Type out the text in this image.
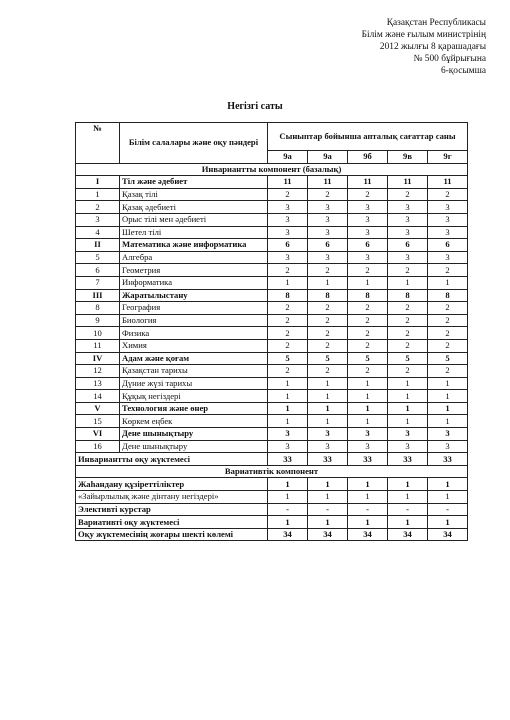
Қазақстан Республикасы
Білім және ғылым министрінің
2012 жылғы 8 қарашадағы
№ 500 бұйрығына
6-қосымша
Негізгі саты
№	Білім салалары және оқу пәндері	Сыныптар бойынша апталық сағаттар саны				
		9а	9а	9б	9в	9г
Инвариантты компонент (базалық)						
I	Тіл және әдебиет	11	11	11	11	11
1	Қазақ тілі	2	2	2	2	2
2	Қазақ әдебиеті	3	3	3	3	3
3	Орыс тілі мен әдебиеті	3	3	3	3	3
4	Шетел тілі	3	3	3	3	3
II	Математика және информатика	6	6	6	6	6
5	Алгебра	3	3	3	3	3
6	Геометрия	2	2	2	2	2
7	Информатика	1	1	1	1	1
III	Жаратылыстану	8	8	8	8	8
8	География	2	2	2	2	2
9	Биология	2	2	2	2	2
10	Физика	2	2	2	2	2
11	Химия	2	2	2	2	2
IV	Адам және қоғам	5	5	5	5	5
12	Қазақстан тарихы	2	2	2	2	2
13	Дүние жүзі тарихы	1	1	1	1	1
14	Құқық негіздері	1	1	1	1	1
V	Технология және өнер	1	1	1	1	1
15	Көркем еңбек	1	1	1	1	1
VI	Дене шынықтыру	3	3	3	3	3
16	Дене шынықтыру	3	3	3	3	3
Инвариантты оқу жүктемесі		33	33	33	33	33
Вариативтік компонент						
Жаһандану құзіреттіліктер		1	1	1	1	1
«Зайырлылық және дінтану негіздері»		1	1	1	1	1
Элективті курстар		-	-	-	-	-
Вариативті оқу жүктемесі		1	1	1	1	1
Оқу жүктемесінің жоғары шекті көлемі		34	34	34	34	34
